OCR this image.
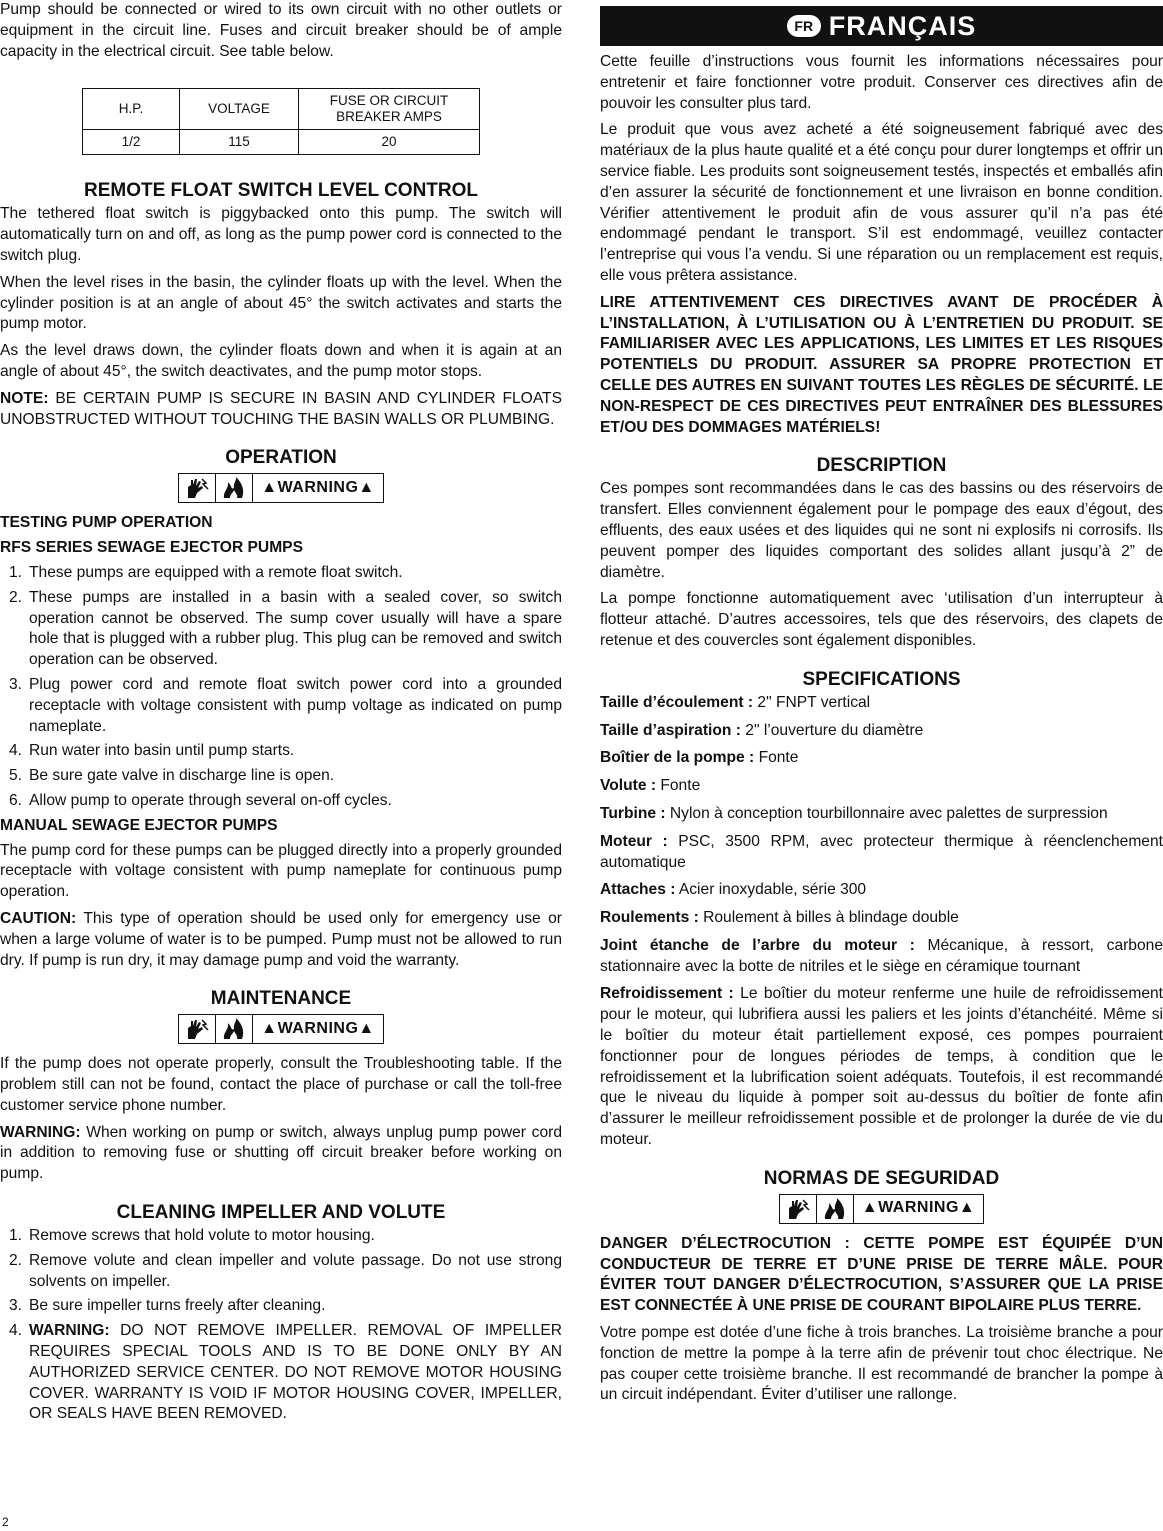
Pump should be connected or wired to its own circuit with no other outlets or equipment in the circuit line. Fuses and circuit breaker should be of ample capacity in the electrical circuit. See table below.

H.P.	VOLTAGE	FUSE OR CIRCUIT BREAKER AMPS
1/2	115	20
REMOTE FLOAT SWITCH LEVEL CONTROL

The tethered float switch is piggybacked onto this pump. The switch will automatically turn on and off, as long as the pump power cord is connected to the switch plug.

When the level rises in the basin, the cylinder floats up with the level. When the cylinder position is at an angle of about 45° the switch activates and starts the pump motor.

As the level draws down, the cylinder floats down and when it is again at an angle of about 45°, the switch deactivates, and the pump motor stops.

NOTE: BE CERTAIN PUMP IS SECURE IN BASIN AND CYLINDER FLOATS UNOBSTRUCTED WITHOUT TOUCHING THE BASIN WALLS OR PLUMBING.

OPERATION
▲ WARNING ▲

TESTING PUMP OPERATION

RFS SERIES SEWAGE EJECTOR PUMPS

1. These pumps are equipped with a remote float switch.
2. These pumps are installed in a basin with a sealed cover, so switch operation cannot be observed. The sump cover usually will have a spare hole that is plugged with a rubber plug. This plug can be removed and switch operation can be observed.
3. Plug power cord and remote float switch power cord into a grounded receptacle with voltage consistent with pump voltage as indicated on pump nameplate.
4. Run water into basin until pump starts.
5. Be sure gate valve in discharge line is open.
6. Allow pump to operate through several on-off cycles.

MANUAL SEWAGE EJECTOR PUMPS

The pump cord for these pumps can be plugged directly into a properly grounded receptacle with voltage consistent with pump nameplate for continuous pump operation.

CAUTION: This type of operation should be used only for emergency use or when a large volume of water is to be pumped. Pump must not be allowed to run dry. If pump is run dry, it may damage pump and void the warranty.

MAINTENANCE
▲ WARNING ▲

If the pump does not operate properly, consult the Troubleshooting table. If the problem still can not be found, contact the place of purchase or call the toll-free customer service phone number.

WARNING: When working on pump or switch, always unplug pump power cord in addition to removing fuse or shutting off circuit breaker before working on pump.

CLEANING IMPELLER AND VOLUTE
1. Remove screws that hold volute to motor housing.
2. Remove volute and clean impeller and volute passage. Do not use strong solvents on impeller.
3. Be sure impeller turns freely after cleaning.
4. WARNING: DO NOT REMOVE IMPELLER. REMOVAL OF IMPELLER REQUIRES SPECIAL TOOLS AND IS TO BE DONE ONLY BY AN AUTHORIZED SERVICE CENTER. DO NOT REMOVE MOTOR HOUSING COVER. WARRANTY IS VOID IF MOTOR HOUSING COVER, IMPELLER, OR SEALS HAVE BEEN REMOVED.
FR FRANÇAIS

Cette feuille d’instructions vous fournit les informations nécessaires pour entretenir et faire fonctionner votre produit. Conserver ces directives afin de pouvoir les consulter plus tard.

Le produit que vous avez acheté a été soigneusement fabriqué avec des matériaux de la plus haute qualité et a été conçu pour durer longtemps et offrir un service fiable. Les produits sont soigneusement testés, inspectés et emballés afin d’en assurer la sécurité de fonctionnement et une livraison en bonne condition. Vérifier attentivement le produit afin de vous assurer qu’il n’a pas été endommagé pendant le transport. S’il est endommagé, veuillez contacter l’entreprise qui vous l’a vendu. Si une réparation ou un remplacement est requis, elle vous prêtera assistance.

LIRE ATTENTIVEMENT CES DIRECTIVES AVANT DE PROCÉDER À L’INSTALLATION, À L’UTILISATION OU À L’ENTRETIEN DU PRODUIT. SE FAMILIARISER AVEC LES APPLICATIONS, LES LIMITES ET LES RISQUES POTENTIELS DU PRODUIT. ASSURER SA PROPRE PROTECTION ET CELLE DES AUTRES EN SUIVANT TOUTES LES RÈGLES DE SÉCURITÉ. LE NON-RESPECT DE CES DIRECTIVES PEUT ENTRAÎNER DES BLESSURES ET/OU DES DOMMAGES MATÉRIELS!

DESCRIPTION

Ces pompes sont recommandées dans le cas des bassins ou des réservoirs de transfert. Elles conviennent également pour le pompage des eaux d’égout, des effluents, des eaux usées et des liquides qui ne sont ni explosifs ni corrosifs. Ils peuvent pomper des liquides comportant des solides allant jusqu’à 2” de diamètre.

La pompe fonctionne automatiquement avec ‘utilisation d’un interrupteur à flotteur attaché. D’autres accessoires, tels que des réservoirs, des clapets de retenue et des couvercles sont également disponibles.

SPECIFICATIONS

Taille d’écoulement : 2" FNPT vertical

Taille d’aspiration : 2" l’ouverture du diamètre

Boîtier de la pompe : Fonte

Volute : Fonte

Turbine : Nylon à conception tourbillonnaire avec palettes de surpression

Moteur : PSC, 3500 RPM, avec protecteur thermique à réenclenchement automatique

Attaches : Acier inoxydable, série 300

Roulements : Roulement à billes à blindage double

Joint étanche de l’arbre du moteur : Mécanique, à ressort, carbone stationnaire avec la botte de nitriles et le siège en céramique tournant

Refroidissement : Le boîtier du moteur renferme une huile de refroidissement pour le moteur, qui lubrifiera aussi les paliers et les joints d’étanchéité. Même si le boîtier du moteur était partiellement exposé, ces pompes pourraient fonctionner pour de longues périodes de temps, à condition que le refroidissement et la lubrification soient adéquats. Toutefois, il est recommandé que le niveau du liquide à pomper soit au-dessus du boîtier de fonte afin d’assurer le meilleur refroidissement possible et de prolonger la durée de vie du moteur.

NORMAS DE SEGURIDAD
▲ WARNING ▲

DANGER D’ÉLECTROCUTION : CETTE POMPE EST ÉQUIPÉE D’UN CONDUCTEUR DE TERRE ET D’UNE PRISE DE TERRE MÂLE. POUR ÉVITER TOUT DANGER D’ÉLECTROCUTION, S’ASSURER QUE LA PRISE EST CONNECTÉE À UNE PRISE DE COURANT BIPOLAIRE PLUS TERRE.

Votre pompe est dotée d’une fiche à trois branches. La troisième branche a pour fonction de mettre la pompe à la terre afin de prévenir tout choc électrique. Ne pas couper cette troisième branche. Il est recommandé de brancher la pompe à un circuit indépendant. Éviter d’utiliser une rallonge.

2
